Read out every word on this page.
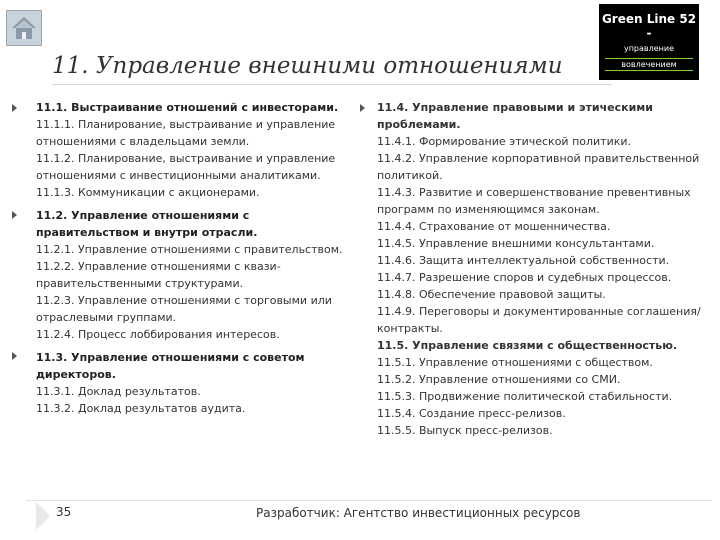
Green Line 52 -
управление
вовлечением
11. Управление внешними отношениями
11.1. Выстраивание отношений с инвесторами.
11.1.1. Планирование, выстраивание и управление отношениями с владельцами земли.
11.1.2. Планирование, выстраивание и управление отношениями с инвестиционными аналитиками.
11.1.3. Коммуникации с акционерами.
11.2. Управление отношениями с правительством и внутри отрасли.
11.2.1. Управление отношениями с правительством.
11.2.2. Управление отношениями с квази-правительственными структурами.
11.2.3. Управление отношениями с торговыми или отраслевыми группами.
11.2.4. Процесс лоббирования интересов.
11.3. Управление отношениями с советом директоров.
11.3.1. Доклад результатов.
11.3.2. Доклад результатов аудита.
11.4. Управление правовыми и этическими проблемами.
11.4.1. Формирование этической политики.
11.4.2. Управление корпоративной правительственной политикой.
11.4.3. Развитие и совершенствование превентивных программ по изменяющимся законам.
11.4.4. Страхование от мошенничества.
11.4.5. Управление внешними консультантами.
11.4.6. Защита интеллектуальной собственности.
11.4.7. Разрешение споров и судебных процессов.
11.4.8. Обеспечение правовой защиты.
11.4.9. Переговоры и документированные соглашения/ контракты.
11.5. Управление связями с общественностью.
11.5.1. Управление отношениями с обществом.
11.5.2. Управление отношениями со СМИ.
11.5.3. Продвижение политической стабильности.
11.5.4. Создание пресс-релизов.
11.5.5. Выпуск пресс-релизов.
35	Разработчик: Агентство инвестиционных ресурсов
